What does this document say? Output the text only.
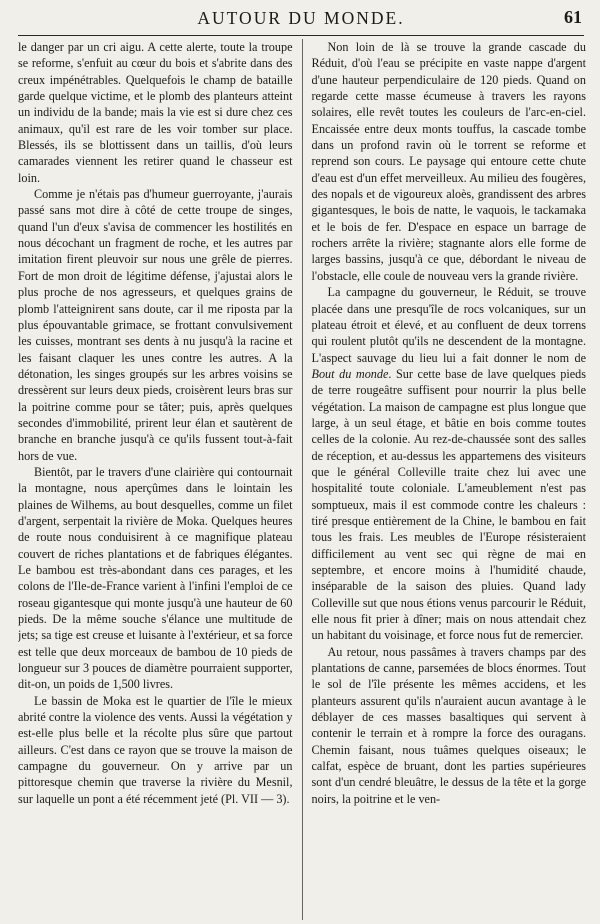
AUTOUR DU MONDE.	61

le danger par un cri aigu. A cette alerte, toute la troupe se reforme, s'enfuit au cœur du bois et s'abrite dans des creux impénétrables. Quelquefois le champ de bataille garde quelque victime, et le plomb des planteurs atteint un individu de la bande; mais la vie est si dure chez ces animaux, qu'il est rare de les voir tomber sur place. Blessés, ils se blottissent dans un taillis, d'où leurs camarades viennent les retirer quand le chasseur est loin.

Comme je n'étais pas d'humeur guerroyante, j'aurais passé sans mot dire à côté de cette troupe de singes, quand l'un d'eux s'avisa de commencer les hostilités en nous décochant un fragment de roche, et les autres par imitation firent pleuvoir sur nous une grêle de pierres. Fort de mon droit de légitime défense, j'ajustai alors le plus proche de nos agresseurs, et quelques grains de plomb l'atteignirent sans doute, car il me riposta par la plus épouvantable grimace, se frottant convulsivement les cuisses, montrant ses dents à nu jusqu'à la racine et les faisant claquer les unes contre les autres. A la détonation, les singes groupés sur les arbres voisins se dressèrent sur leurs deux pieds, croisèrent leurs bras sur la poitrine comme pour se tâter; puis, après quelques secondes d'immobilité, prirent leur élan et sautèrent de branche en branche jusqu'à ce qu'ils fussent tout-à-fait hors de vue.

Bientôt, par le travers d'une clairière qui contournait la montagne, nous aperçûmes dans le lointain les plaines de Wilhems, au bout desquelles, comme un filet d'argent, serpentait la rivière de Moka. Quelques heures de route nous conduisirent à ce magnifique plateau couvert de riches plantations et de fabriques élégantes. Le bambou est très-abondant dans ces parages, et les colons de l'Ile-de-France varient à l'infini l'emploi de ce roseau gigantesque qui monte jusqu'à une hauteur de 60 pieds. De la même souche s'élance une multitude de jets; sa tige est creuse et luisante à l'extérieur, et sa force est telle que deux morceaux de bambou de 10 pieds de longueur sur 3 pouces de diamètre pourraient supporter, dit-on, un poids de 1,500 livres.

Le bassin de Moka est le quartier de l'île le mieux abrité contre la violence des vents. Aussi la végétation y est-elle plus belle et la récolte plus sûre que partout ailleurs. C'est dans ce rayon que se trouve la maison de campagne du gouverneur. On y arrive par un pittoresque chemin que traverse la rivière du Mesnil, sur laquelle un pont a été récemment jeté (Pl. VII — 3).

Non loin de là se trouve la grande cascade du Réduit, d'où l'eau se précipite en vaste nappe d'argent d'une hauteur perpendiculaire de 120 pieds. Quand on regarde cette masse écumeuse à travers les rayons solaires, elle revêt toutes les couleurs de l'arc-en-ciel. Encaissée entre deux monts touffus, la cascade tombe dans un profond ravin où le torrent se reforme et reprend son cours. Le paysage qui entoure cette chute d'eau est d'un effet merveilleux. Au milieu des fougères, des nopals et de vigoureux aloès, grandissent des arbres gigantesques, le bois de natte, le vaquois, le tackamaka et le bois de fer. D'espace en espace un barrage de rochers arrête la rivière; stagnante alors elle forme de larges bassins, jusqu'à ce que, débordant le niveau de l'obstacle, elle coule de nouveau vers la grande rivière.

La campagne du gouverneur, le Réduit, se trouve placée dans une presqu'île de rocs volcaniques, sur un plateau étroit et élevé, et au confluent de deux torrens qui roulent plutôt qu'ils ne descendent de la montagne. L'aspect sauvage du lieu lui a fait donner le nom de Bout du monde. Sur cette base de lave quelques pieds de terre rougeâtre suffisent pour nourrir la plus belle végétation. La maison de campagne est plus longue que large, à un seul étage, et bâtie en bois comme toutes celles de la colonie. Au rez-de-chaussée sont des salles de réception, et au-dessus les appartemens des visiteurs que le général Colleville traite chez lui avec une hospitalité toute coloniale. L'ameublement n'est pas somptueux, mais il est commode contre les chaleurs : tiré presque entièrement de la Chine, le bambou en fait tous les frais. Les meubles de l'Europe résisteraient difficilement au vent sec qui règne de mai en septembre, et encore moins à l'humidité chaude, inséparable de la saison des pluies. Quand lady Colleville sut que nous étions venus parcourir le Réduit, elle nous fit prier à dîner; mais on nous attendait chez un habitant du voisinage, et force nous fut de remercier.

Au retour, nous passâmes à travers champs par des plantations de canne, parsemées de blocs énormes. Tout le sol de l'île présente les mêmes accidens, et les planteurs assurent qu'ils n'auraient aucun avantage à le déblayer de ces masses basaltiques qui servent à contenir le terrain et à rompre la force des ouragans. Chemin faisant, nous tuâmes quelques oiseaux; le calfat, espèce de bruant, dont les parties supérieures sont d'un cendré bleuâtre, le dessus de la tête et la gorge noirs, la poitrine et le ven-
